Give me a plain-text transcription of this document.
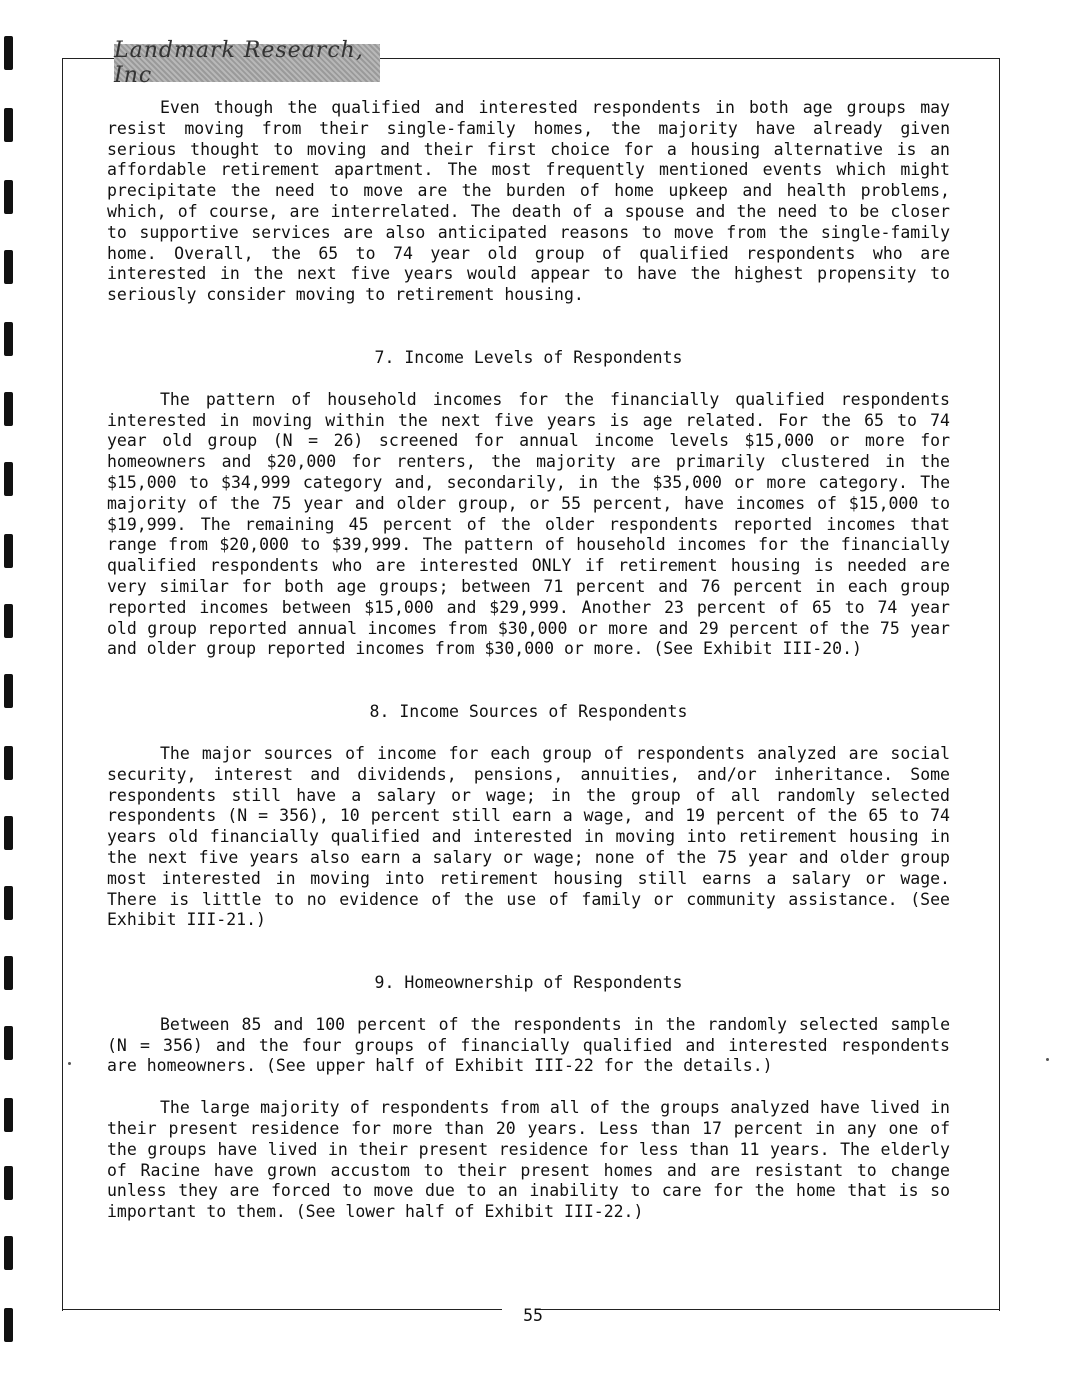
Landmark Research, Inc

Even though the qualified and interested respondents in both age groups may resist moving from their single-family homes, the majority have already given serious thought to moving and their first choice for a housing alternative is an affordable retirement apartment. The most frequently mentioned events which might precipitate the need to move are the burden of home upkeep and health problems, which, of course, are interrelated. The death of a spouse and the need to be closer to supportive services are also anticipated reasons to move from the single-family home. Overall, the 65 to 74 year old group of qualified respondents who are interested in the next five years would appear to have the highest propensity to seriously consider moving to retirement housing.

7. Income Levels of Respondents

The pattern of household incomes for the financially qualified respondents interested in moving within the next five years is age related. For the 65 to 74 year old group (N = 26) screened for annual income levels $15,000 or more for homeowners and $20,000 for renters, the majority are primarily clustered in the $15,000 to $34,999 category and, secondarily, in the $35,000 or more category. The majority of the 75 year and older group, or 55 percent, have incomes of $15,000 to $19,999. The remaining 45 percent of the older respondents reported incomes that range from $20,000 to $39,999. The pattern of household incomes for the financially qualified respondents who are interested ONLY if retirement housing is needed are very similar for both age groups; between 71 percent and 76 percent in each group reported incomes between $15,000 and $29,999. Another 23 percent of 65 to 74 year old group reported annual incomes from $30,000 or more and 29 percent of the 75 year and older group reported incomes from $30,000 or more. (See Exhibit III-20.)

8. Income Sources of Respondents

The major sources of income for each group of respondents analyzed are social security, interest and dividends, pensions, annuities, and/or inheritance. Some respondents still have a salary or wage; in the group of all randomly selected respondents (N = 356), 10 percent still earn a wage, and 19 percent of the 65 to 74 years old financially qualified and interested in moving into retirement housing in the next five years also earn a salary or wage; none of the 75 year and older group most interested in moving into retirement housing still earns a salary or wage. There is little to no evidence of the use of family or community assistance. (See Exhibit III-21.)

9. Homeownership of Respondents

Between 85 and 100 percent of the respondents in the randomly selected sample (N = 356) and the four groups of financially qualified and interested respondents are homeowners. (See upper half of Exhibit III-22 for the details.)

The large majority of respondents from all of the groups analyzed have lived in their present residence for more than 20 years. Less than 17 percent in any one of the groups have lived in their present residence for less than 11 years. The elderly of Racine have grown accustom to their present homes and are resistant to change unless they are forced to move due to an inability to care for the home that is so important to them. (See lower half of Exhibit III-22.)

55
